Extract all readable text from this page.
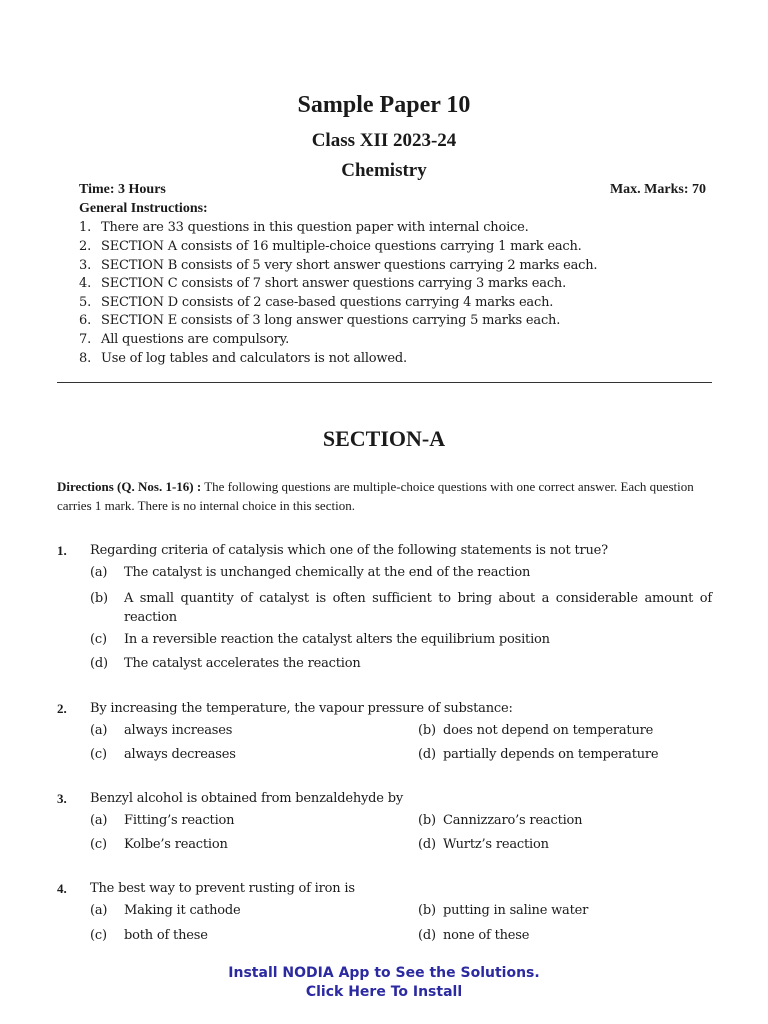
Sample Paper 10
Class XII 2023-24
Chemistry
Time: 3 Hours	Max. Marks: 70
General Instructions:
1. There are 33 questions in this question paper with internal choice.
2. SECTION A consists of 16 multiple-choice questions carrying 1 mark each.
3. SECTION B consists of 5 very short answer questions carrying 2 marks each.
4. SECTION C consists of 7 short answer questions carrying 3 marks each.
5. SECTION D consists of 2 case-based questions carrying 4 marks each.
6. SECTION E consists of 3 long answer questions carrying 5 marks each.
7. All questions are compulsory.
8. Use of log tables and calculators is not allowed.
SECTION-A
Directions (Q. Nos. 1-16) : The following questions are multiple-choice questions with one correct answer. Each question carries 1 mark. There is no internal choice in this section.
1. Regarding criteria of catalysis which one of the following statements is not true?
(a) The catalyst is unchanged chemically at the end of the reaction
(b) A small quantity of catalyst is often sufficient to bring about a considerable amount of reaction
(c) In a reversible reaction the catalyst alters the equilibrium position
(d) The catalyst accelerates the reaction
2. By increasing the temperature, the vapour pressure of substance:
(a) always increases	(b) does not depend on temperature
(c) always decreases	(d) partially depends on temperature
3. Benzyl alcohol is obtained from benzaldehyde by
(a) Fitting’s reaction	(b) Cannizzaro’s reaction
(c) Kolbe’s reaction	(d) Wurtz’s reaction
4. The best way to prevent rusting of iron is
(a) Making it cathode	(b) putting in saline water
(c) both of these	(d) none of these
Install NODIA App to See the Solutions.
Click Here To Install
